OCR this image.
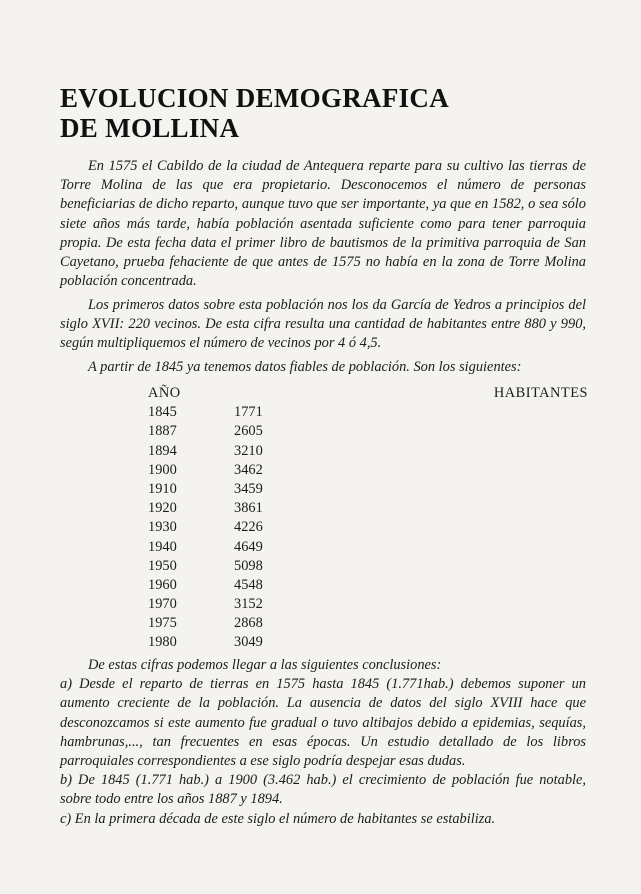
EVOLUCION DEMOGRAFICA
DE MOLLINA

En 1575 el Cabildo de la ciudad de Antequera reparte para su cultivo las tierras de Torre Molina de las que era propietario. Desconocemos el número de personas beneficiarias de dicho reparto, aunque tuvo que ser importante, ya que en 1582, o sea sólo siete años más tarde, había población asentada suficiente como para tener parroquia propia. De esta fecha data el primer libro de bautismos de la primitiva parroquia de San Cayetano, prueba fehaciente de que antes de 1575 no había en la zona de Torre Molina población concentrada.

Los primeros datos sobre esta población nos los da García de Yedros a principios del siglo XVII: 220 vecinos. De esta cifra resulta una cantidad de habitantes entre 880 y 990, según multipliquemos el número de vecinos por 4 ó 4,5.

A partir de 1845 ya tenemos datos fiables de población. Son los siguientes:

AÑO	HABITANTES
1845	1771
1887	2605
1894	3210
1900	3462
1910	3459
1920	3861
1930	4226
1940	4649
1950	5098
1960	4548
1970	3152
1975	2868
1980	3049

De estas cifras podemos llegar a las siguientes conclusiones:

a) Desde el reparto de tierras en 1575 hasta 1845 (1.771hab.) debemos suponer un aumento creciente de la población. La ausencia de datos del siglo XVIII hace que desconozcamos si este aumento fue gradual o tuvo altibajos debido a epidemias, sequías, hambrunas,..., tan frecuentes en esas épocas. Un estudio detallado de los libros parroquiales correspondientes a ese siglo podría despejar esas dudas.

b) De 1845 (1.771 hab.) a 1900 (3.462 hab.) el crecimiento de población fue notable, sobre todo entre los años 1887 y 1894.

c) En la primera década de este siglo el número de habitantes se estabiliza.
